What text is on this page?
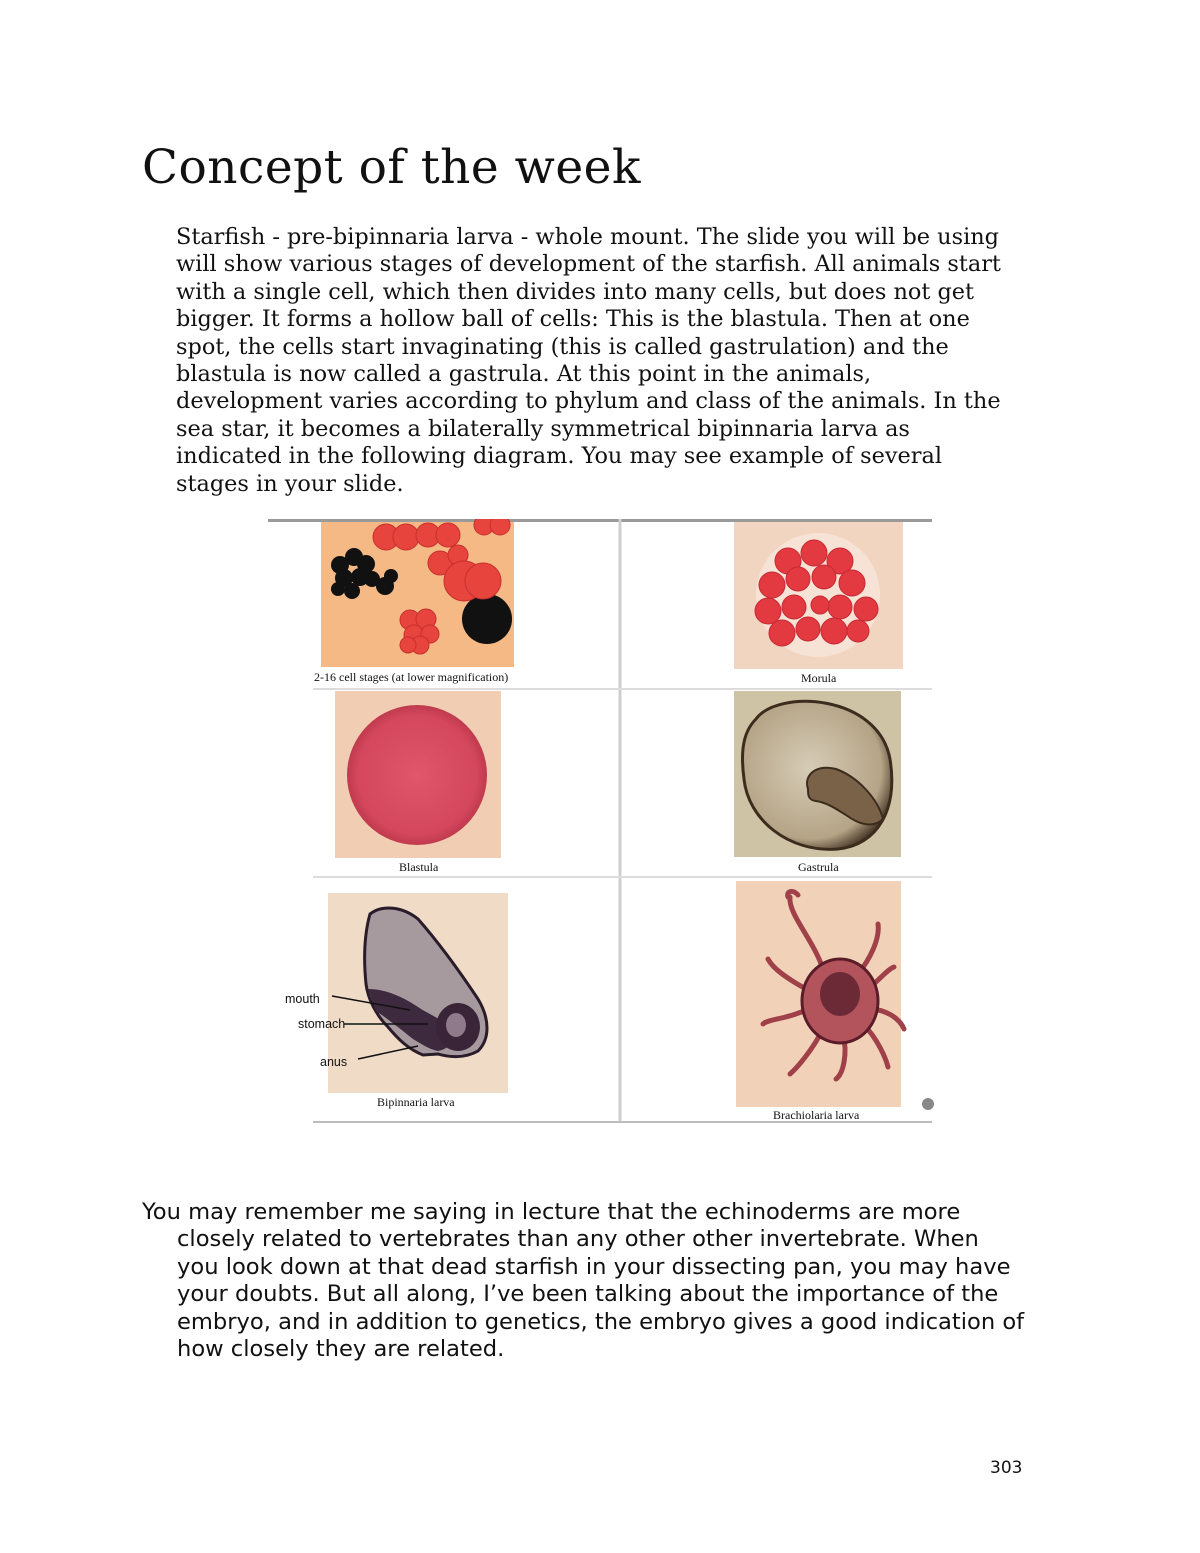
Concept of the week
Starfish - pre-bipinnaria larva - whole mount. The slide you will be using
will show various stages of development of the starfish. All animals start
with a single cell, which then divides into many cells, but does not get
bigger. It forms a hollow ball of cells: This is the blastula. Then at one
spot, the cells start invaginating (this is called gastrulation) and the
blastula is now called a gastrula. At this point in the animals,
development varies according to phylum and class of the animals. In the
sea star, it becomes a bilaterally symmetrical bipinnaria larva as
indicated in the following diagram. You may see example of several
stages in your slide.
2-16 cell stages (at lower magnification)	Morula
Blastula	Gastrula
mouth
stomach
anus
Bipinnaria larva
Brachiolaria larva
You may remember me saying in lecture that the echinoderms are more
closely related to vertebrates than any other other invertebrate. When
you look down at that dead starfish in your dissecting pan, you may have
your doubts. But all along, I’ve been talking about the importance of the
embryo, and in addition to genetics, the embryo gives a good indication of
how closely they are related.
303
